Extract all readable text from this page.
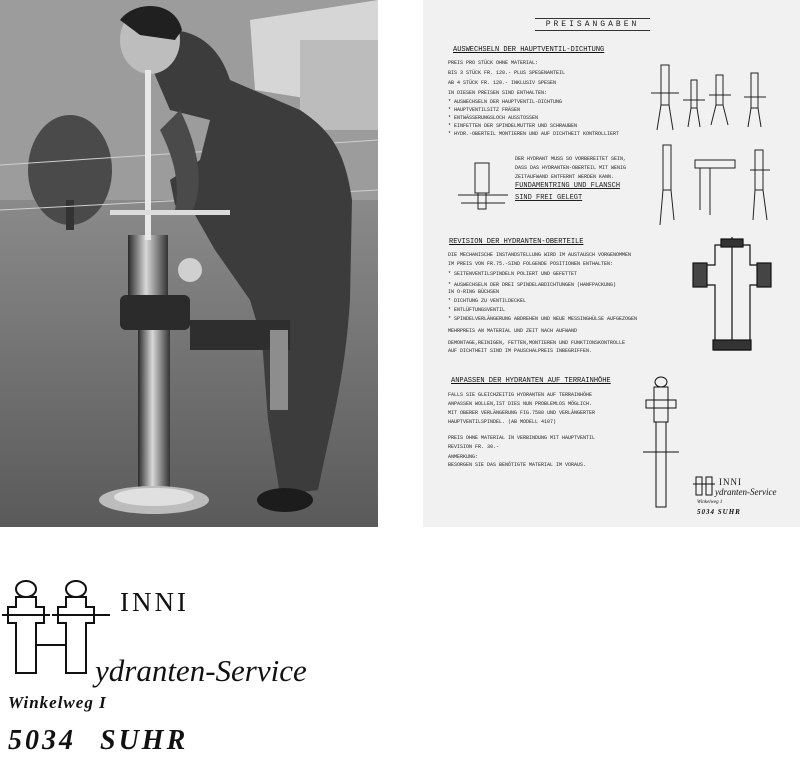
PREISANGABEN
AUSWECHSELN DER HAUPTVENTIL-DICHTUNG
PREIS PRO STÜCK OHNE MATERIAL:
BIS 3 STÜCK FR. 120.- PLUS SPESENANTEIL
AB 4 STÜCK FR. 120.- INKLUSIV SPESEN
IN DIESEN PREISEN SIND ENTHALTEN:
* AUSWECHSELN DER HAUPTVENTIL-DICHTUNG
* HAUPTVENTILSITZ FRÄSEN
* ENTWÄSSERUNGSLOCH AUSSTOSSEN
* EINFETTEN DER SPINDELMUTTER UND SCHRAUBEN
* HYDR.-OBERTEIL MONTIEREN UND AUF DICHTHEIT KONTROLLIERT
DER HYDRANT MUSS SO VORBEREITET SEIN,
DASS DAS HYDRANTEN-OBERTEIL MIT WENIG
ZEITAUFWAND ENTFERNT WERDEN KANN.
FUNDAMENTRING UND FLANSCH
SIND FREI GELEGT
REVISION DER HYDRANTEN-OBERTEILE
DIE MECHANISCHE INSTANDSTELLUNG WIRD IM AUSTAUSCH VORGENOMMEN
IM PREIS VON FR.75.-SIND FOLGENDE POSITIONEN ENTHALTEN:
* SEITENVENTILSPINDELN POLIERT UND GEFETTET
* AUSWECHSELN DER DREI SPINDELABDICHTUNGEN (HANFPACKUNG)
IN O-RING BÜCHSEN
* DICHTUNG ZU VENTILDECKEL
* ENTLÜFTUNGSVENTIL
* SPINDELVERLÄNGERUNG ABDREHEN UND NEUE MESSINGHÜLSE AUFGEZOGEN
MEHRPREIS AN MATERIAL UND ZEIT NACH AUFWAND
DEMONTAGE,REINIGEN, FETTEN,MONTIEREN UND FUNKTIONSKONTROLLE
AUF DICHTHEIT SIND IM PAUSCHALPREIS INBEGRIFFEN.
ANPASSEN DER HYDRANTEN AUF TERRAINHÖHE
FALLS SIE GLEICHZEITIG HYDRANTEN AUF TERRAINHÖHE
ANPASSEN WOLLEN,IST DIES NUN PROBLEMLOS MÖGLICH.
MIT OBERER VERLÄNGERUNG FIG.7580 UND VERLÄNGERTER
HAUPTVENTILSPINDEL. (AB MODELL 4107)
PREIS OHNE MATERIAL IN VERBINDUNG MIT HAUPTVENTIL
REVISION FR. 30.-
ANMERKUNG:
BESORGEN SIE DAS BENÖTIGTE MATERIAL IM VORAUS.
INNI
ydranten-Service
Winkelweg 1
5034 SUHR
INNI
ydranten-Service
Winkelweg I
5034 SUHR
